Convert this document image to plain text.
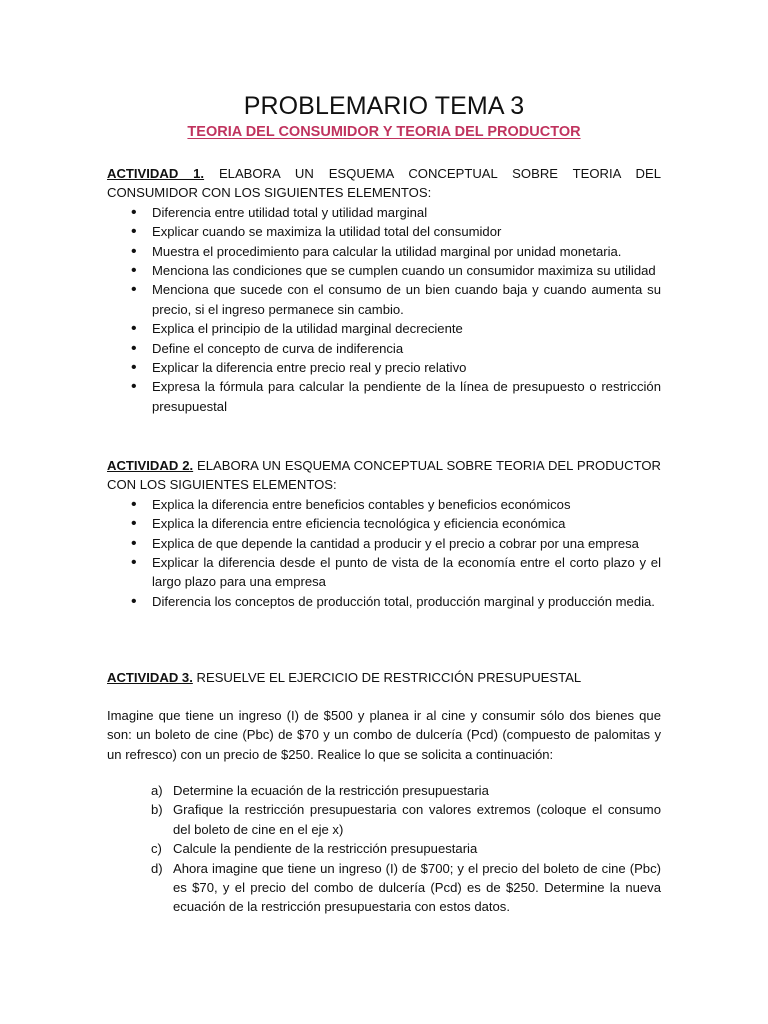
PROBLEMARIO TEMA 3
TEORIA DEL CONSUMIDOR Y TEORIA DEL PRODUCTOR

ACTIVIDAD 1. ELABORA UN ESQUEMA CONCEPTUAL SOBRE TEORIA DEL CONSUMIDOR CON LOS SIGUIENTES ELEMENTOS:

• Diferencia entre utilidad total y utilidad marginal
• Explicar cuando se maximiza la utilidad total del consumidor
• Muestra el procedimiento para calcular la utilidad marginal por unidad monetaria.
• Menciona las condiciones que se cumplen cuando un consumidor maximiza su utilidad
• Menciona que sucede con el consumo de un bien cuando baja y cuando aumenta su precio, si el ingreso permanece sin cambio.
• Explica el principio de la utilidad marginal decreciente
• Define el concepto de curva de indiferencia
• Explicar la diferencia entre precio real y precio relativo
• Expresa la fórmula para calcular la pendiente de la línea de presupuesto o restricción presupuestal

ACTIVIDAD 2. ELABORA UN ESQUEMA CONCEPTUAL SOBRE TEORIA DEL PRODUCTOR CON LOS SIGUIENTES ELEMENTOS:

• Explica la diferencia entre beneficios contables y beneficios económicos
• Explica la diferencia entre eficiencia tecnológica y eficiencia económica
• Explica de que depende la cantidad a producir y el precio a cobrar por una empresa
• Explicar la diferencia desde el punto de vista de la economía entre el corto plazo y el largo plazo para una empresa
• Diferencia los conceptos de producción total, producción marginal y producción media.

ACTIVIDAD 3. RESUELVE EL EJERCICIO DE RESTRICCIÓN PRESUPUESTAL

Imagine que tiene un ingreso (I) de $500 y planea ir al cine y consumir sólo dos bienes que son: un boleto de cine (Pbc) de $70 y un combo de dulcería (Pcd) (compuesto de palomitas y un refresco) con un precio de $250. Realice lo que se solicita a continuación:

a) Determine la ecuación de la restricción presupuestaria
b) Grafique la restricción presupuestaria con valores extremos (coloque el consumo del boleto de cine en el eje x)
c) Calcule la pendiente de la restricción presupuestaria
d) Ahora imagine que tiene un ingreso (I) de $700; y el precio del boleto de cine (Pbc) es $70, y el precio del combo de dulcería (Pcd) es de $250. Determine la nueva ecuación de la restricción presupuestaria con estos datos.
